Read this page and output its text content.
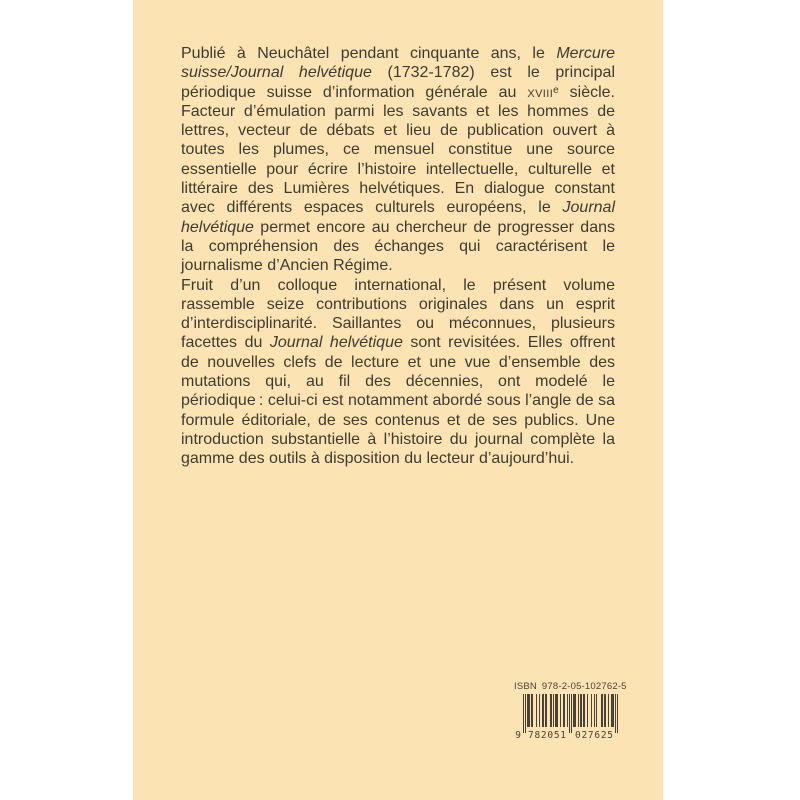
Publié à Neuchâtel pendant cinquante ans, le Mercure suisse/Journal helvétique (1732-1782) est le principal périodique suisse d’information générale au xviii$^e$ siècle. Facteur d’émulation parmi les savants et les hommes de lettres, vecteur de débats et lieu de publication ouvert à toutes les plumes, ce mensuel constitue une source essentielle pour écrire l’histoire intellectuelle, culturelle et littéraire des Lumières helvétiques. En dialogue constant avec différents espaces culturels européens, le Journal helvétique permet encore au chercheur de progresser dans la compréhension des échanges qui caractérisent le journalisme d’Ancien Régime.

Fruit d’un colloque international, le présent volume rassemble seize contributions originales dans un esprit d’interdisciplinarité. Saillantes ou méconnues, plusieurs facettes du Journal helvétique sont revisitées. Elles offrent de nouvelles clefs de lecture et une vue d’ensemble des mutations qui, au fil des décennies, ont modelé le périodique : celui-ci est notamment abordé sous l’angle de sa formule éditoriale, de ses contenus et de ses publics. Une introduction substantielle à l’histoire du journal complète la gamme des outils à disposition du lecteur d’aujourd’hui.

ISBN 978-2-05-102762-5
9 782051 027625
